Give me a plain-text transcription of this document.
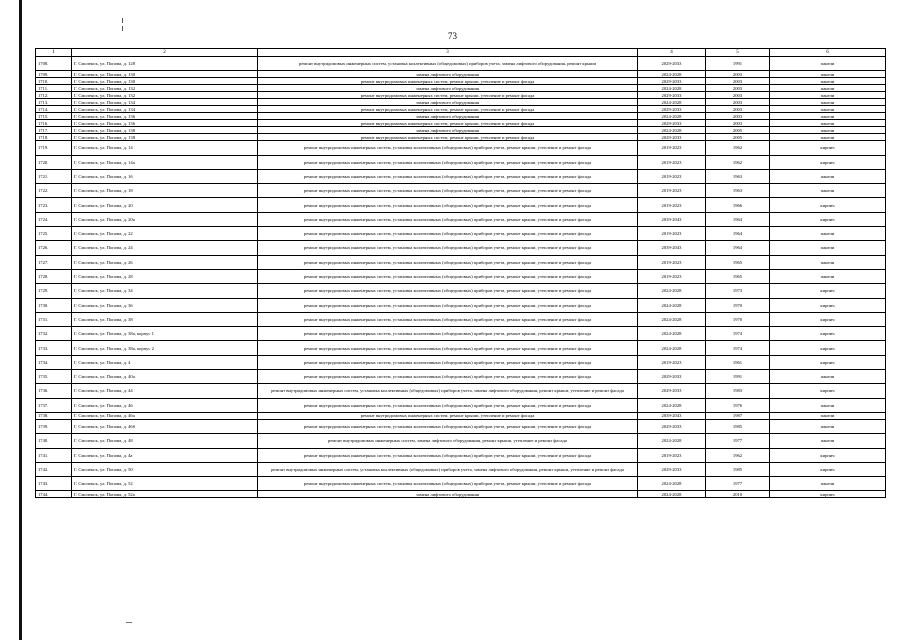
73
1	2	3	4	5	6
1708.	Г. Смоленск, ул. Попова, д. 128	ремонт внутридомовых инженерных систем, установка коллективных (общедомовых) приборов учета, замена лифтового оборудования, ремонт крыши	2029-2033	1991	панели
1709.	Г. Смоленск, ул. Попова, д. 130	замена лифтового оборудования	2024-2028	2003	панели
1710.	Г. Смоленск, ул. Попова, д. 130	ремонт внутридомовых инженерных систем, ремонт крыши, утепление и ремонт фасада	2029-2033	2003	панели
1711.	Г. Смоленск, ул. Попова, д. 132	замена лифтового оборудования	2024-2028	2003	панели
1712.	Г. Смоленск, ул. Попова, д. 132	ремонт внутридомовых инженерных систем, ремонт крыши, утепление и ремонт фасада	2029-2033	2003	панели
1713.	Г. Смоленск, ул. Попова, д. 134	замена лифтового оборудования	2024-2028	2003	панели
1714.	Г. Смоленск, ул. Попова, д. 134	ремонт внутридомовых инженерных систем, ремонт крыши, утепление и ремонт фасада	2029-2033	2003	панели
1715.	Г. Смоленск, ул. Попова, д. 136	замена лифтового оборудования	2024-2028	2003	панели
1716.	Г. Смоленск, ул. Попова, д. 136	ремонт внутридомовых инженерных систем, ремонт крыши, утепление и ремонт фасада	2029-2033	2003	панели
1717.	Г. Смоленск, ул. Попова, д. 138	замена лифтового оборудования	2024-2028	2005	панели
1718.	Г. Смоленск, ул. Попова, д. 138	ремонт внутридомовых инженерных систем, ремонт крыши, утепление и ремонт фасада	2029-2033	2005	панели
1719.	Г. Смоленск, ул. Попова, д. 14	ремонт внутридомовых инженерных систем, установка коллективных (общедомовых) приборов учета, ремонт крыши, утепление и ремонт фасада	2019-2023	1962	кирпич
1720.	Г. Смоленск, ул. Попова, д. 14а	ремонт внутридомовых инженерных систем, установка коллективных (общедомовых) приборов учета, ремонт крыши, утепление и ремонт фасада	2019-2023	1962	кирпич
1721.	Г. Смоленск, ул. Попова, д. 16	ремонт внутридомовых инженерных систем, установка коллективных (общедомовых) приборов учета, ремонт крыши, утепление и ремонт фасада	2019-2023	1963	панели
1722.	Г. Смоленск, ул. Попова, д. 18	ремонт внутридомовых инженерных систем, установка коллективных (общедомовых) приборов учета, ремонт крыши, утепление и ремонт фасада	2019-2023	1963	панели
1723.	Г. Смоленск, ул. Попова, д. 20	ремонт внутридомовых инженерных систем, установка коллективных (общедомовых) приборов учета, ремонт крыши, утепление и ремонт фасада	2019-2023	1966	кирпич
1724.	Г. Смоленск, ул. Попова, д. 20а	ремонт внутридомовых инженерных систем, установка коллективных (общедомовых) приборов учета, ремонт крыши, утепление и ремонт фасада	2039-2043	1964	кирпич
1725.	Г. Смоленск, ул. Попова, д. 22	ремонт внутридомовых инженерных систем, установка коллективных (общедомовых) приборов учета, ремонт крыши, утепление и ремонт фасада	2019-2023	1964	панели
1726.	Г. Смоленск, ул. Попова, д. 24	ремонт внутридомовых инженерных систем, установка коллективных (общедомовых) приборов учета, ремонт крыши, утепление и ремонт фасада	2039-2043	1964	панели
1727.	Г. Смоленск, ул. Попова, д. 26	ремонт внутридомовых инженерных систем, установка коллективных (общедомовых) приборов учета, ремонт крыши, утепление и ремонт фасада	2019-2023	1965	панели
1728.	Г. Смоленск, ул. Попова, д. 28	ремонт внутридомовых инженерных систем, установка коллективных (общедомовых) приборов учета, ремонт крыши, утепление и ремонт фасада	2019-2023	1965	панели
1729.	Г. Смоленск, ул. Попова, д. 34	ремонт внутридомовых инженерных систем, установка коллективных (общедомовых) приборов учета, ремонт крыши, утепление и ремонт фасада	2024-2028	1973	кирпич
1730.	Г. Смоленск, ул. Попова, д. 36	ремонт внутридомовых инженерных систем, установка коллективных (общедомовых) приборов учета, ремонт крыши, утепление и ремонт фасада	2024-2028	1970	кирпич
1731.	Г. Смоленск, ул. Попова, д. 38	ремонт внутридомовых инженерных систем, установка коллективных (общедомовых) приборов учета, ремонт крыши, утепление и ремонт фасада	2024-2028	1970	кирпич
1732.	Г. Смоленск, ул. Попова, д. 38а, корпус 1	ремонт внутридомовых инженерных систем, установка коллективных (общедомовых) приборов учета, ремонт крыши, утепление и ремонт фасада	2024-2028	1974	кирпич
1733.	Г. Смоленск, ул. Попова, д. 38а, корпус 2	ремонт внутридомовых инженерных систем, установка коллективных (общедомовых) приборов учета, ремонт крыши, утепление и ремонт фасада	2024-2028	1974	кирпич
1734.	Г. Смоленск, ул. Попова, д. 4	ремонт внутридомовых инженерных систем, установка коллективных (общедомовых) приборов учета, ремонт крыши, утепление и ремонт фасада	2019-2023	1961	кирпич
1735.	Г. Смоленск, ул. Попова, д. 40а	ремонт внутридомовых инженерных систем, установка коллективных (общедомовых) приборов учета, ремонт крыши, утепление и ремонт фасада	2029-2033	1991	панели
1736.	Г. Смоленск, ул. Попова, д. 44	ремонт внутридомовых инженерных систем, установка коллективных (общедомовых) приборов учета, замена лифтового оборудования, ремонт крыши, утепление и ремонт фасада	2029-2033	1983	кирпич
1737.	Г. Смоленск, ул. Попова, д. 46	ремонт внутридомовых инженерных систем, установка коллективных (общедомовых) приборов учета, ремонт крыши, утепление и ремонт фасада	2024-2028	1976	панели
1738.	Г. Смоленск, ул. Попова, д. 46а	ремонт внутридомовых инженерных систем, ремонт крыши, утепление и ремонт фасада	2039-2043	1987	панели
1739.	Г. Смоленск, ул. Попова, д. 46б	ремонт внутридомовых инженерных систем, установка коллективных (общедомовых) приборов учета, ремонт крыши, утепление и ремонт фасада	2029-2033	1985	панели
1740.	Г. Смоленск, ул. Попова, д. 48	ремонт внутридомовых инженерных систем, замена лифтового оборудования, ремонт крыши, утепление и ремонт фасада	2024-2028	1977	панели
1741.	Г. Смоленск, ул. Попова, д. 4а	ремонт внутридомовых инженерных систем, установка коллективных (общедомовых) приборов учета, ремонт крыши, утепление и ремонт фасада	2019-2023	1962	кирпич
1742.	Г. Смоленск, ул. Попова, д. 50	ремонт внутридомовых инженерных систем, установка коллективных (общедомовых) приборов учета, замена лифтового оборудования, ремонт крыши, утепление и ремонт фасада	2029-2033	1985	кирпич
1743.	Г. Смоленск, ул. Попова, д. 52	ремонт внутридомовых инженерных систем, установка коллективных (общедомовых) приборов учета, ремонт крыши, утепление и ремонт фасада	2024-2028	1977	панели
1744.	Г. Смоленск, ул. Попова, д. 52а	замена лифтового оборудования	2024-2028	2010	кирпич
